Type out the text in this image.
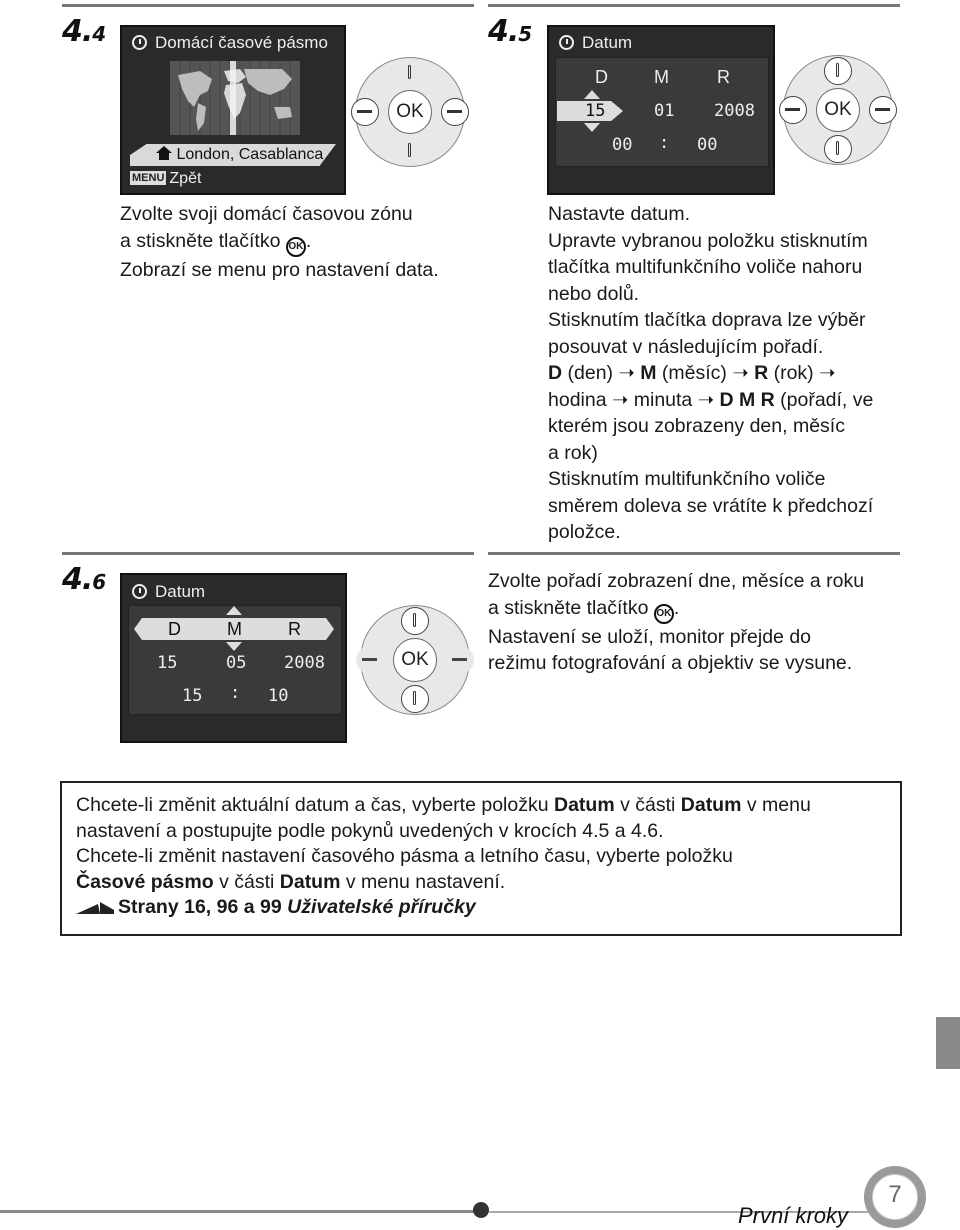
4.4	Domácí časové pásmo
London, Casablanca
MENU Zpět
OK

Zvolte svoji domácí časovou zónu

a stiskněte tlačítko OK .

Zobrazí se menu pro nastavení data.

4.5	Datum
D	M	R
15	01 2008
00 : 00
OK

Nastavte datum.

Upravte vybranou položku stisknutím

tlačítka multifunkčního voliče nahoru

nebo dolů.

Stisknutím tlačítka doprava lze výběr

posouvat v následujícím pořadí.

D (den) ➝ M (měsíc) ➝ R (rok) ➝

hodina ➝ minuta ➝ D M R (pořadí, ve

kterém jsou zobrazeny den, měsíc

a rok)

Stisknutím multifunkčního voliče

směrem doleva se vrátíte k předchozí

položce.

4.6	Datum
D	M	R
15	05 2008
15 : 10
OK

Zvolte pořadí zobrazení dne, měsíce a roku

a stiskněte tlačítko OK .

Nastavení se uloží, monitor přejde do

režimu fotografování a objektiv se vysune.

Chcete-li změnit aktuální datum a čas, vyberte položku Datum v části Datum v menu

nastavení a postupujte podle pokynů uvedených v krocích 4.5 a 4.6.

Chcete-li změnit nastavení časového pásma a letního času, vyberte položku

Časové pásmo v části Datum v menu nastavení.

Strany 16, 96 a 99 Uživatelské příručky

První kroky
7
